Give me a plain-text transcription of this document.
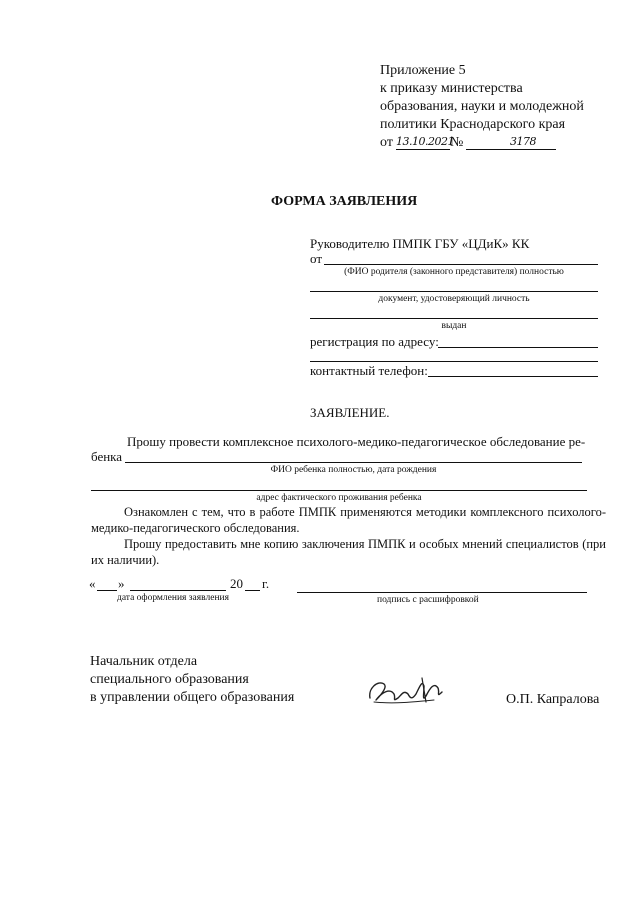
Приложение 5
к приказу министерства
образования, науки и молодежной
политики Краснодарского края
от 13.10.2021
№	3178
ФОРМА ЗАЯВЛЕНИЯ
Руководителю ПМПК ГБУ «ЦДиК» КК
от
(ФИО родителя (законного представителя) полностью
документ, удостоверяющий личность
выдан
регистрация по адресу:
контактный телефон:
ЗАЯВЛЕНИЕ.
Прошу провести комплексное психолого-медико-педагогическое обследование ре-
бенка
ФИО ребенка полностью, дата рождения
адрес фактического проживания ребенка
Ознакомлен с тем, что в работе ПМПК применяются методики комплексного психолого-медико-педагогического обследования.
Прошу предоставить мне копию заключения ПМПК и особых мнений специалистов (при их наличии).
« »	20 г.
дата оформления заявления	подпись с расшифровкой
Начальник отдела
специального образования
в управлении общего образования	О.П. Капралова
